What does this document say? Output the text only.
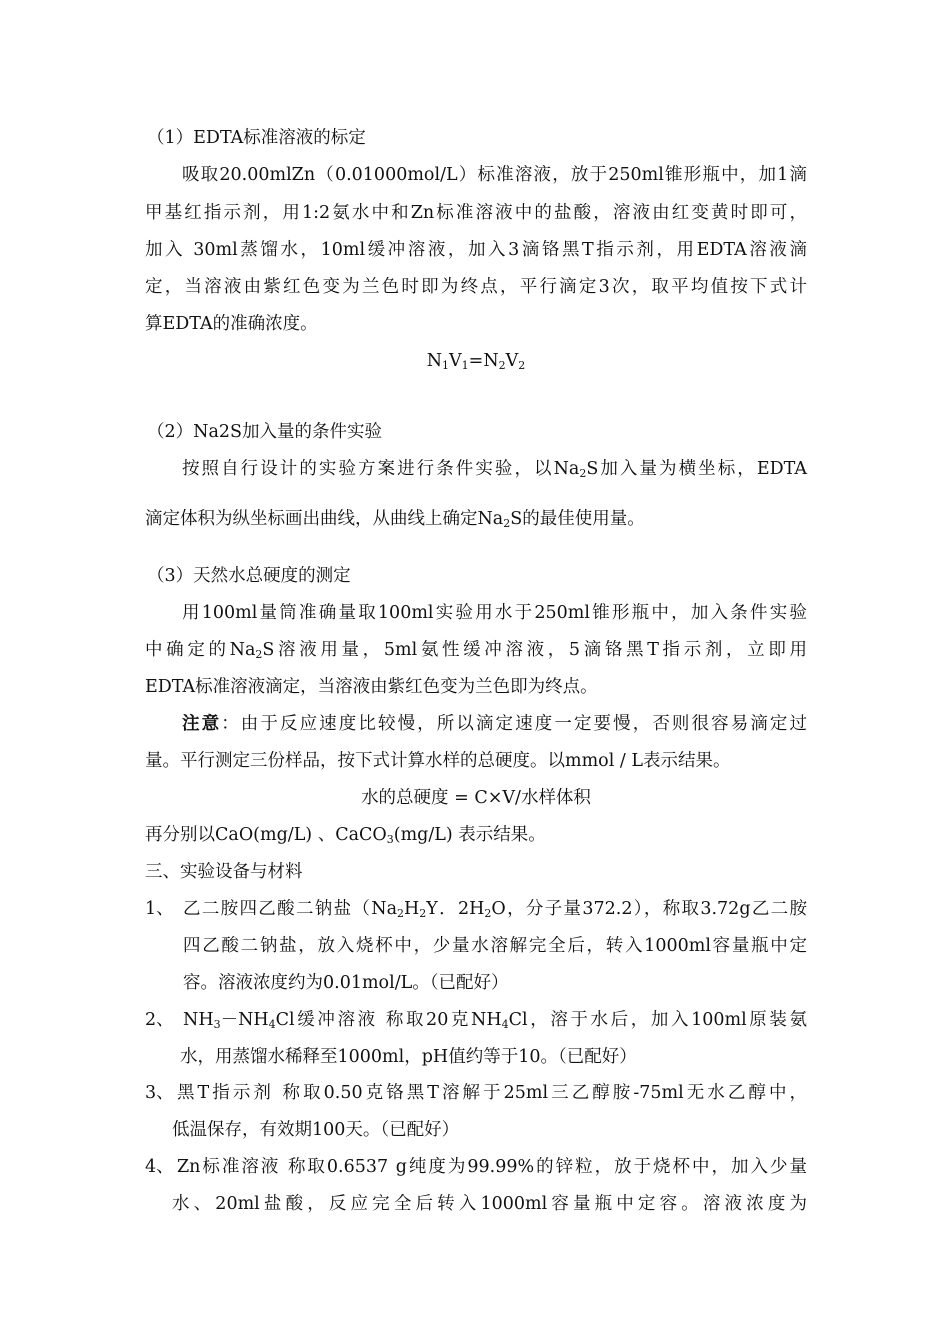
（1）EDTA标准溶液的标定
吸取20.00mlZn（0.01000mol/L）标准溶液，放于250ml锥形瓶中，加1滴
甲基红指示剂，用1:2氨水中和Zn标准溶液中的盐酸，溶液由红变黄时即可，
加入 30ml蒸馏水，10ml缓冲溶液，加入3滴铬黑T指示剂，用EDTA溶液滴
定，当溶液由紫红色变为兰色时即为终点，平行滴定3次，取平均值按下式计
算EDTA的准确浓度。
$N_1V_1=N_2V_2$
（2）Na2S加入量的条件实验
按照自行设计的实验方案进行条件实验，以$Na_2S$加入量为横坐标，EDTA
滴定体积为纵坐标画出曲线，从曲线上确定$Na_2S$的最佳使用量。
（3）天然水总硬度的测定
用100ml量筒准确量取100ml实验用水于250ml锥形瓶中，加入条件实验
中确定的$Na_2S$溶液用量，5ml氨性缓冲溶液，5滴铬黑T指示剂，立即用
EDTA标准溶液滴定，当溶液由紫红色变为兰色即为终点。
注意：由于反应速度比较慢，所以滴定速度一定要慢，否则很容易滴定过
量。平行测定三份样品，按下式计算水样的总硬度。以mmol / L表示结果。
水的总硬度 = C×V/水样体积
再分别以CaO(mg/L) 、CaCO$_3$(mg/L) 表示结果。
三、实验设备与材料
1、 乙二胺四乙酸二钠盐（$Na_2H_2Y$．$2H_2O$，分子量372.2），称取3.72g乙二胺
四乙酸二钠盐，放入烧杯中，少量水溶解完全后，转入1000ml容量瓶中定
容。溶液浓度约为0.01mol/L。（已配好）
2、 $NH_3-NH_4Cl$缓冲溶液 称取20克$NH_4Cl$，溶于水后，加入100ml原装氨
水，用蒸馏水稀释至1000ml，pH值约等于10。（已配好）
3、 黑T指示剂 称取0.50克铬黑T溶解于25ml三乙醇胺-75ml无水乙醇中，
低温保存，有效期100天。（已配好）
4、 Zn标准溶液 称取0.6537 g纯度为99.99%的锌粒，放于烧杯中，加入少量
水、20ml盐酸，反应完全后转入1000ml容量瓶中定容。溶液浓度为
